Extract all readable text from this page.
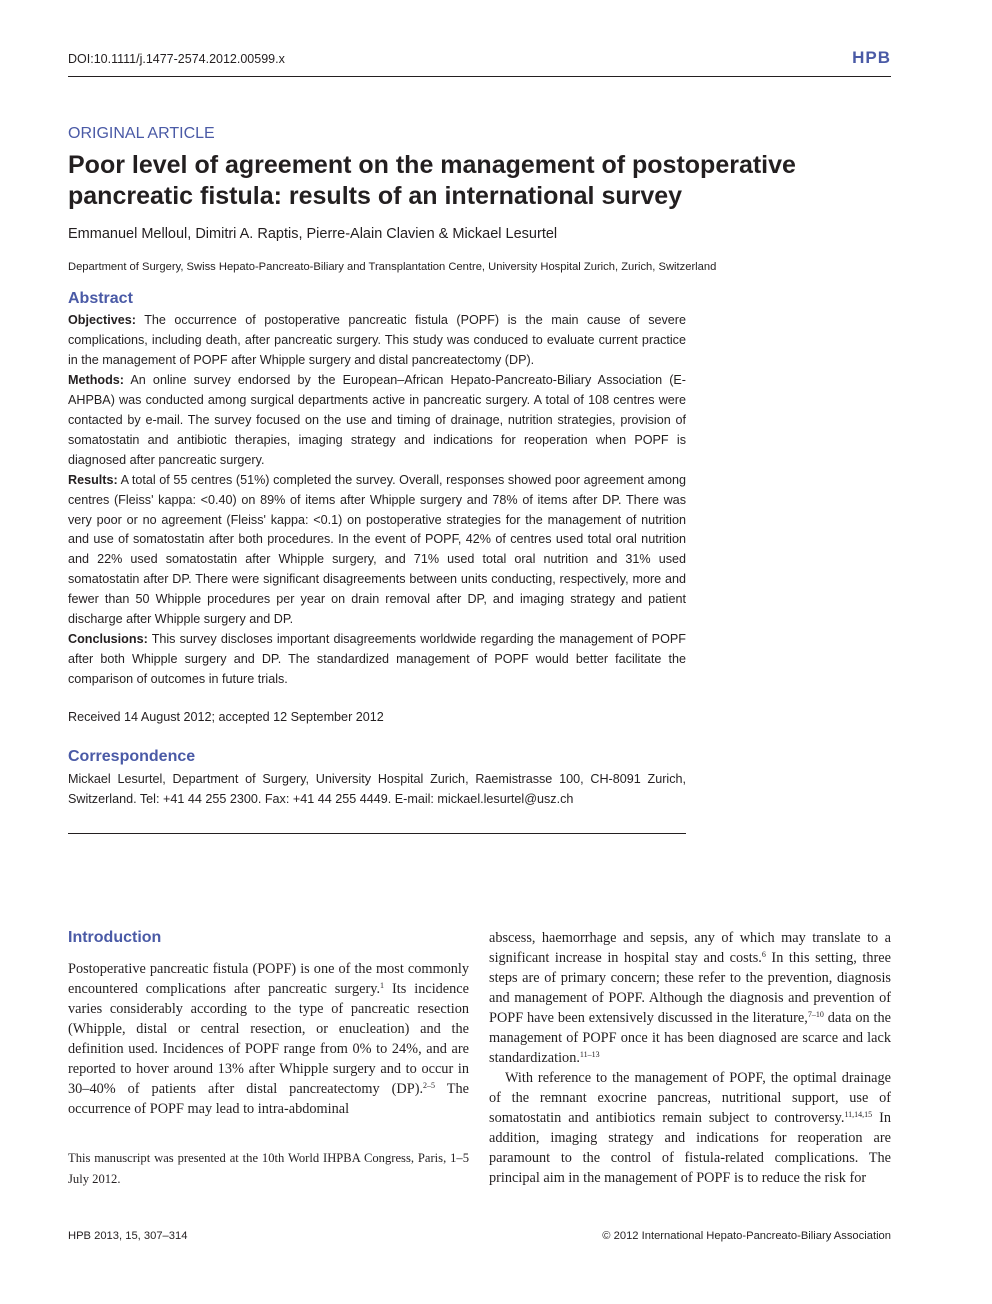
DOI:10.1111/j.1477-2574.2012.00599.x	HPB
ORIGINAL ARTICLE
Poor level of agreement on the management of postoperative pancreatic fistula: results of an international survey
Emmanuel Melloul, Dimitri A. Raptis, Pierre-Alain Clavien & Mickael Lesurtel
Department of Surgery, Swiss Hepato-Pancreato-Biliary and Transplantation Centre, University Hospital Zurich, Zurich, Switzerland
Abstract

Objectives: The occurrence of postoperative pancreatic fistula (POPF) is the main cause of severe complications, including death, after pancreatic surgery. This study was conduced to evaluate current practice in the management of POPF after Whipple surgery and distal pancreatectomy (DP).

Methods: An online survey endorsed by the European–African Hepato-Pancreato-Biliary Association (E-AHPBA) was conducted among surgical departments active in pancreatic surgery. A total of 108 centres were contacted by e-mail. The survey focused on the use and timing of drainage, nutrition strategies, provision of somatostatin and antibiotic therapies, imaging strategy and indications for reoperation when POPF is diagnosed after pancreatic surgery.

Results: A total of 55 centres (51%) completed the survey. Overall, responses showed poor agreement among centres (Fleiss' kappa: <0.40) on 89% of items after Whipple surgery and 78% of items after DP. There was very poor or no agreement (Fleiss' kappa: <0.1) on postoperative strategies for the management of nutrition and use of somatostatin after both procedures. In the event of POPF, 42% of centres used total oral nutrition and 22% used somatostatin after Whipple surgery, and 71% used total oral nutrition and 31% used somatostatin after DP. There were significant disagreements between units conducting, respectively, more and fewer than 50 Whipple procedures per year on drain removal after DP, and imaging strategy and patient discharge after Whipple surgery and DP.

Conclusions: This survey discloses important disagreements worldwide regarding the management of POPF after both Whipple surgery and DP. The standardized management of POPF would better facilitate the comparison of outcomes in future trials.

Received 14 August 2012; accepted 12 September 2012
Correspondence

Mickael Lesurtel, Department of Surgery, University Hospital Zurich, Raemistrasse 100, CH-8091 Zurich, Switzerland. Tel: +41 44 255 2300. Fax: +41 44 255 4449. E-mail: mickael.lesurtel@usz.ch

Introduction

Postoperative pancreatic fistula (POPF) is one of the most commonly encountered complications after pancreatic surgery.$^1$ Its incidence varies considerably according to the type of pancreatic resection (Whipple, distal or central resection, or enucleation) and the definition used. Incidences of POPF range from 0% to 24%, and are reported to hover around 13% after Whipple surgery and to occur in 30–40% of patients after distal pancreatectomy (DP).$^{2-5}$ The occurrence of POPF may lead to intra-abdominal

This manuscript was presented at the 10th World IHPBA Congress, Paris, 1–5 July 2012.

abscess, haemorrhage and sepsis, any of which may translate to a significant increase in hospital stay and costs.$^6$ In this setting, three steps are of primary concern; these refer to the prevention, diagnosis and management of POPF. Although the diagnosis and prevention of POPF have been extensively discussed in the literature,$^{7-10}$ data on the management of POPF once it has been diagnosed are scarce and lack standardization.$^{11-13}$

With reference to the management of POPF, the optimal drainage of the remnant exocrine pancreas, nutritional support, use of somatostatin and antibiotics remain subject to controversy.$^{11,14,15}$ In addition, imaging strategy and indications for reoperation are paramount to the control of fistula-related complications. The principal aim in the management of POPF is to reduce the risk for

HPB 2013, 15, 307–314	© 2012 International Hepato-Pancreato-Biliary Association
